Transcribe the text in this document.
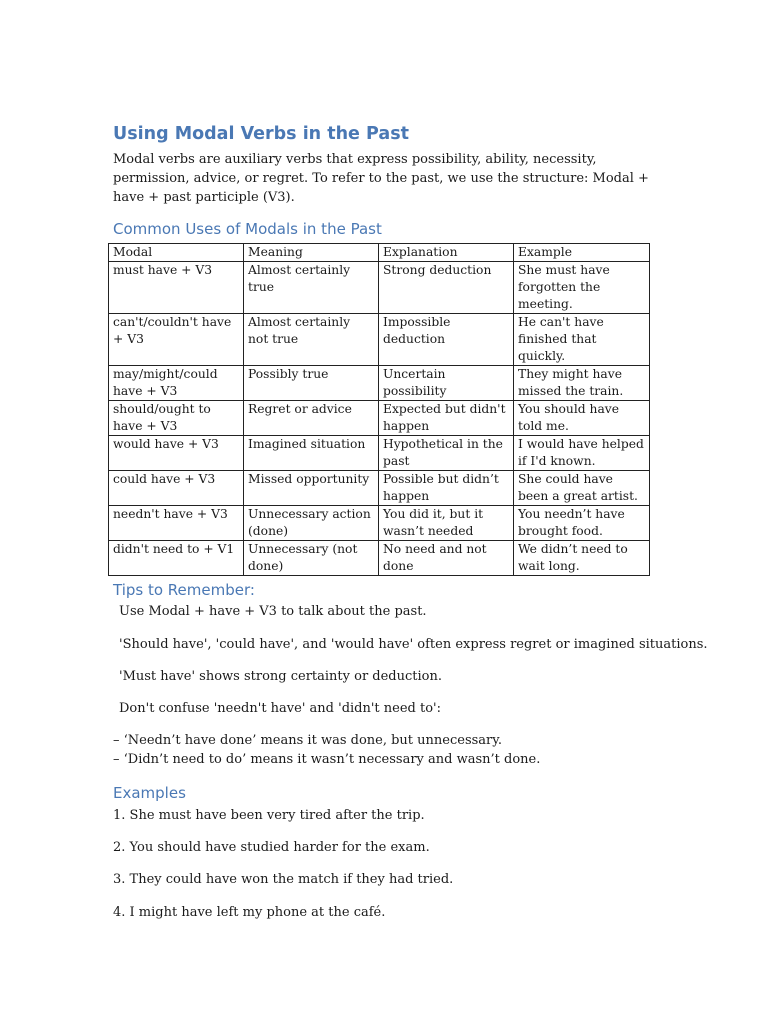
Using Modal Verbs in the Past

Modal verbs are auxiliary verbs that express possibility, ability, necessity, permission, advice, or regret. To refer to the past, we use the structure: Modal + have + past participle (V3).

Common Uses of Modals in the Past
Modal	Meaning	Explanation	Example
must have + V3	Almost certainly true	Strong deduction	She must have forgotten the meeting.
can't/couldn't have + V3	Almost certainly not true	Impossible deduction	He can't have finished that quickly.
may/might/could have + V3	Possibly true	Uncertain possibility	They might have missed the train.
should/ought to have + V3	Regret or advice	Expected but didn't happen	You should have told me.
would have + V3	Imagined situation	Hypothetical in the past	I would have helped if I'd known.
could have + V3	Missed opportunity	Possible but didn’t happen	She could have been a great artist.
needn't have + V3	Unnecessary action (done)	You did it, but it wasn’t needed	You needn’t have brought food.
didn't need to + V1	Unnecessary (not done)	No need and not done	We didn’t need to wait long.
Tips to Remember:

Use Modal + have + V3 to talk about the past.

'Should have', 'could have', and 'would have' often express regret or imagined situations.

'Must have' shows strong certainty or deduction.

Don't confuse 'needn't have' and 'didn't need to':

– ‘Needn’t have done’ means it was done, but unnecessary.

– ‘Didn’t need to do’ means it wasn’t necessary and wasn’t done.

Examples

1. She must have been very tired after the trip.

2. You should have studied harder for the exam.

3. They could have won the match if they had tried.

4. I might have left my phone at the café.
